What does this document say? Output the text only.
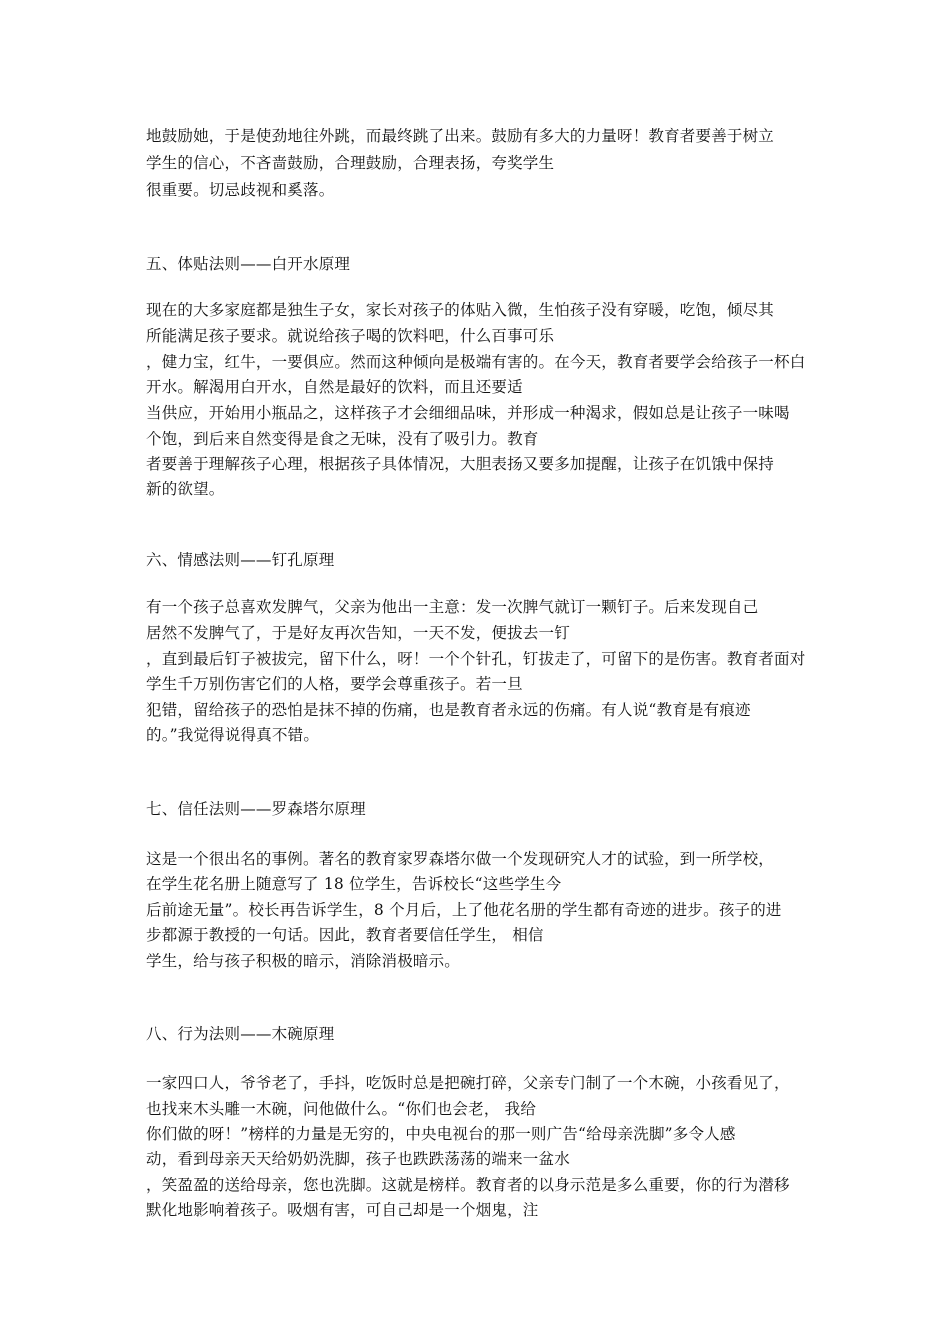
地鼓励她，于是使劲地往外跳，而最终跳了出来。鼓励有多大的力量呀！教育者要善于树立
学生的信心，不吝啬鼓励，合理鼓励，合理表扬，夸奖学生
很重要。切忌歧视和奚落。
五、体贴法则——白开水原理
现在的大多家庭都是独生子女，家长对孩子的体贴入微，生怕孩子没有穿暖，吃饱，倾尽其
所能满足孩子要求。就说给孩子喝的饮料吧，什么百事可乐
，健力宝，红牛，一要俱应。然而这种倾向是极端有害的。在今天，教育者要学会给孩子一杯白
开水。解渴用白开水，自然是最好的饮料，而且还要适
当供应，开始用小瓶品之，这样孩子才会细细品味，并形成一种渴求，假如总是让孩子一味喝
个饱，到后来自然变得是食之无味，没有了吸引力。教育
者要善于理解孩子心理，根据孩子具体情况，大胆表扬又要多加提醒，让孩子在饥饿中保持
新的欲望。
六、情感法则——钉孔原理
有一个孩子总喜欢发脾气，父亲为他出一主意：发一次脾气就订一颗钉子。后来发现自己
居然不发脾气了，于是好友再次告知，一天不发，便拔去一钉
，直到最后钉子被拔完，留下什么，呀！一个个针孔，钉拔走了，可留下的是伤害。教育者面对
学生千万别伤害它们的人格，要学会尊重孩子。若一旦
犯错，留给孩子的恐怕是抹不掉的伤痛，也是教育者永远的伤痛。有人说“教育是有痕迹
的。”我觉得说得真不错。
七、信任法则——罗森塔尔原理
这是一个很出名的事例。著名的教育家罗森塔尔做一个发现研究人才的试验，到一所学校，
在学生花名册上随意写了 18 位学生，告诉校长“这些学生今
后前途无量”。校长再告诉学生，8 个月后，上了他花名册的学生都有奇迹的进步。孩子的进
步都源于教授的一句话。因此，教育者要信任学生， 相信
学生，给与孩子积极的暗示，消除消极暗示。
八、行为法则——木碗原理
一家四口人，爷爷老了，手抖，吃饭时总是把碗打碎，父亲专门制了一个木碗，小孩看见了，
也找来木头雕一木碗，问他做什么。“你们也会老， 我给
你们做的呀！”榜样的力量是无穷的，中央电视台的那一则广告“给母亲洗脚”多令人感
动，看到母亲天天给奶奶洗脚，孩子也跌跌荡荡的端来一盆水
，笑盈盈的送给母亲，您也洗脚。这就是榜样。教育者的以身示范是多么重要，你的行为潜移
默化地影响着孩子。吸烟有害，可自己却是一个烟鬼，注
